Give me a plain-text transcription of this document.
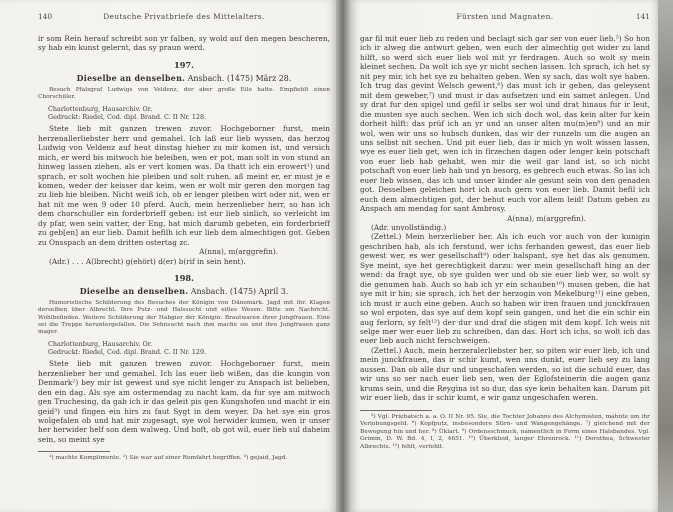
140	Deutsche Privatbriefe des Mittelalters.

ir som Rein herauf schreibt son yr falben, sy wold auf den megen bescheren, sy hab ein kunst gelernt, das sy praun werd.

197.
Dieselbe an denselben. Ansbach. (1475) März 28.

Besuch Pfalzgraf Ludwigs von Veldenz, der aber große Eile hatte. Empfiehlt einen Chorschüler.

Charlottenburg, Hausarchiv. Or.

Gedruckt: Riedel, Cod. dipl. Brand. C. II Nr. 128.

Stete lieb mit ganzen trewen zuvor. Hochgeborner furst, mein herzenallerliebster herr und gemahel. Ich laß eur lieb wyssen, das herzog Ludwig von Veldenz auf heut dinstag hieher zu mir komen ist, und versich mich, er werd bis mitwoch hie beleiben, wen er pot, man solt in von stund an hinweg lassen ziehen, als er vert komen was. Da thatt ich ein erowert¹) und sprach, er solt wochen hie pleiben und solt ruhen, aß meint er, er must je e komen, weder der keisser dar keim, wen er wolt mir geren den morgen tag zu lieb hie bleiben. Nicht weiß ich, ob er lenger pleiben wirt oder nit, wen er hat nit me wen 9 oder 10 pferd. Auch, mein herzenlieber herr, so han ich dem chorschuller ein forderbrieff geben: ist eur lieb sinlich, so verleicht im dy pfar, wen sein vatter, der Eng, hat mich darumb gebeten, ein forderbrieff zu geb[en] an eur lieb. Damit befilh ich eur lieb dem almechtigen got. Geben zu Onsspach an dem dritten ostertag zc.

A(nna), m(arggrefin).

(Adr.) . . . A(lbrecht) g(ehört) d(er) b(rif in sein hent).

198.
Dieselbe an denselben. Ansbach. (1475) April 3.

Humoristische Schilderung des Besuches der Königin von Dänemark. Jagd mit ihr. Klagen derselben über Albrecht. Ihre Putz- und Halssucht und eitles Wesen. Bitte um Nachricht. Wohlbefinden. Weitere Schilderung der Habgier der Königin. Brautwaren ihrer Jungfrauen. Eine sei die Treppe heruntergefallen. Die Sehnsucht nach ihm mache sie und ihre Jungfrauen ganz mager.

Charlottenburg, Hausarchiv. Or.

Gedruckt: Riedel, Cod. dipl. Brand. C. II Nr. 129.

Stete lieb mit ganzen trewen zuvor. Hochgeborner furst, mein herzenlieber her und gemahel. Ich las euer lieb wißen, das die kungin von Denmark²) bey mir ist gewest und sye nicht lenger zu Anspach ist belieben, den ein dag. Als sye am ostermendag zu nacht kam, da fur sye am mitwoch gen Truchesing, da gab ich ir das geleit pis gen Kungshofen und macht ir ein geid³) und fingen ein hirs zu faut Sygt in dem weyer. Da het sye ein gros wolgefalen ob und hat mir zugesagt, sye wol herwider kumen, wen ir unser her herwider helf son dem walweg. Und hoft, ob got wil, euer lieb sul daheim sein, so meint sye

¹) machte Komplimente. ²) Sie war auf einer Romfahrt begriffen. ³) gejaid, Jagd.

Fürsten und Magnaten.	141

gar fil mit euer lieb zu reden und beclagt sich gar ser von euer lieb.⁵) So hon ich ir alweg die antwurt geben, wen euch der almechtig got wider zu land hilft, so werd sich euer lieb wol mit yr ferdragen. Auch so wolt sy mein kleinet sechen. Da wolt ich sye yr nicht sechen lassen. Ich sprach, ich het sy nit pey mir, ich het sye zu behalten geben. Wen sy sach, das wolt sye haben. Ich trug das gevint Welsch gewent,⁶) das must ich ir geben, das geleysent mit dem geweber,⁷) und must ir das aufsetzen und ein samet anlegen. Und sy drat fur den spigel und gefil ir selbs ser wol und drat hinaus fur ir leut, die musten sye auch sechen. Wen ich sich doch wol, das kein alter fur kein dorheit hilft: das prüf ich an yr und an unser alten mu(m)en⁸) und an mir wol, wen wir uns so hubsch dunken, das wir der runzeln um die augen an uns selbst nit sechen. Und pit euer lieb, das ir mich yn wolt wissen lassen, wye es euer lieb get, wen ich in firzechen dagen oder lenger kein potschaft von euer lieb hab gehabt, wen mir die weil gar land ist, so ich nicht potschaft von euer lieb hab und yn besorg, es gebrech euch etwas. So las ich euer lieb wissen, das ich und unser kinder ale gesunt sein von den genaden got. Desselben geleichen hort ich auch gern von euer lieb. Damit befil ich euch dem almechtigen got, der behut euch vor allem leid! Datum geben zu Anspach am mendag for sant Ambrosy.

A(nna), m(arggrefin).

(Adr. unvollständig.)

(Zettel.) Mein herzerlieber her. Als ich euch vor auch von der kunigin geschriben hab, als ich ferstund, wer ichs ferhanden gewest, das euer lieb gewest wer, es wer gesellschaft⁹) oder halspant, sye het das als genumen. Sye meint, sye het gerechtigkeit darzu: wer mein gesellschaft hing an der wend: da fragt sye, ob sye gulden wer und ob sie euer lieb wer, so wolt sy die genumen hab. Auch so hab ich yr ein schauben¹⁰) musen geben, die hat sye mit ir hin; sie sprach, ich het der herzogin von Mekelburg¹¹) eine geben, ich must ir auch eine geben. Auch so haben wir iren frauen und junckfrauen so wol erpoten, das sye auf dem kopf sein gangen, und het die ein schir ein aug ferlorn, sy felt¹²) der dur und draf die stigen mit dem kopf. Ich weis nit selge mer wer euer lieb zu schreiben, dan das. Hort ich ichs, so wolt ich das euer lieb auch nicht ferschweigen.

(Zettel.) Auch, mein herzeralerliebster her, so piten wir euer lieb, ich und mein junckfrauen, das ir schir kumt, wen uns dunkt, euer lieb sey zu lang aussen. Dan ob alle dur und ungeschafen werden, so ist die schuld euer, das wir uns so ser nach euer lieb sen, wen der Eglofsteinerin die augen ganz krums sein, und die Reygina ist so dur, das sye kein behalten kan. Darum pit wir euer lieb, das ir schir kumt, e wir ganz ungeschafen weren.

⁵) Vgl. Priebatsch a. a. O. II Nr. 95. Sie, die Tochter Johanns des Alchymisten, mahnte um ihr Verlobungsgeld. ⁶) Kopfputz, insbesondere Stirn- und Wangengehänge. ⁷) gleichend mit der Bewegung hin und her. ⁸) Üklart. ⁹) Ordensschmuck, namentlich in Form eines Halsbandes. Vgl. Grimm, D. W. Bd. 4, I, 2, 4651. ¹⁰) Überkleid, langer Ehrenrock. ¹¹) Dorothea, Schwester Albrechts. ¹²) fehlt, verfehlt.
